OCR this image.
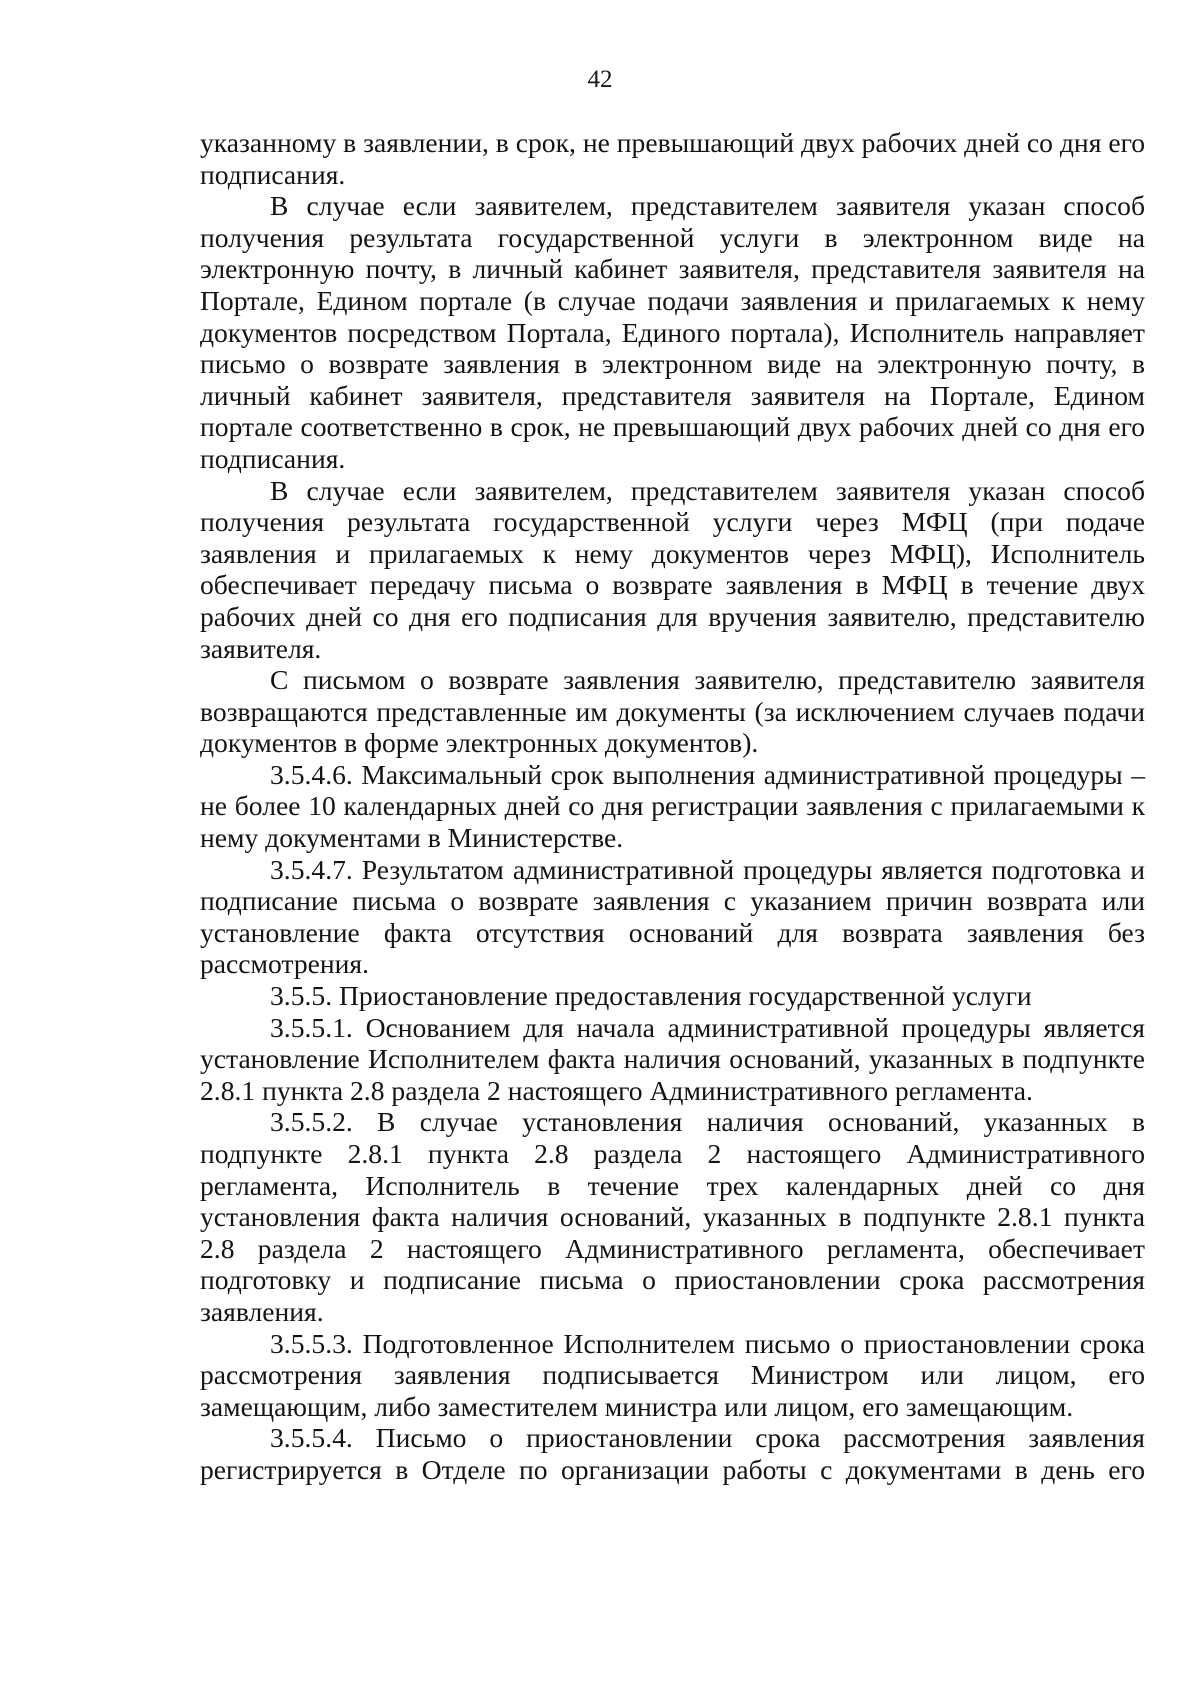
42

указанному в заявлении, в срок, не превышающий двух рабочих дней со дня его подписания.

В случае если заявителем, представителем заявителя указан способ получения результата государственной услуги в электронном виде на электронную почту, в личный кабинет заявителя, представителя заявителя на Портале, Едином портале (в случае подачи заявления и прилагаемых к нему документов посредством Портала, Единого портала), Исполнитель направляет письмо о возврате заявления в электронном виде на электронную почту, в личный кабинет заявителя, представителя заявителя на Портале, Едином портале соответственно в срок, не превышающий двух рабочих дней со дня его подписания.

В случае если заявителем, представителем заявителя указан способ получения результата государственной услуги через МФЦ (при подаче заявления и прилагаемых к нему документов через МФЦ), Исполнитель обеспечивает передачу письма о возврате заявления в МФЦ в течение двух рабочих дней со дня его подписания для вручения заявителю, представителю заявителя.

С письмом о возврате заявления заявителю, представителю заявителя возвращаются представленные им документы (за исключением случаев подачи документов в форме электронных документов).

3.5.4.6. Максимальный срок выполнения административной процедуры – не более 10 календарных дней со дня регистрации заявления с прилагаемыми к нему документами в Министерстве.

3.5.4.7. Результатом административной процедуры является подготовка и подписание письма о возврате заявления с указанием причин возврата или установление факта отсутствия оснований для возврата заявления без рассмотрения.

3.5.5. Приостановление предоставления государственной услуги

3.5.5.1. Основанием для начала административной процедуры является установление Исполнителем факта наличия оснований, указанных в подпункте 2.8.1 пункта 2.8 раздела 2 настоящего Административного регламента.

3.5.5.2. В случае установления наличия оснований, указанных в подпункте 2.8.1 пункта 2.8 раздела 2 настоящего Административного регламента, Исполнитель в течение трех календарных дней со дня установления факта наличия оснований, указанных в подпункте 2.8.1 пункта 2.8 раздела 2 настоящего Административного регламента, обеспечивает подготовку и подписание письма о приостановлении срока рассмотрения заявления.

3.5.5.3. Подготовленное Исполнителем письмо о приостановлении срока рассмотрения заявления подписывается Министром или лицом, его замещающим, либо заместителем министра или лицом, его замещающим.

3.5.5.4. Письмо о приостановлении срока рассмотрения заявления регистрируется в Отделе по организации работы с документами в день его
